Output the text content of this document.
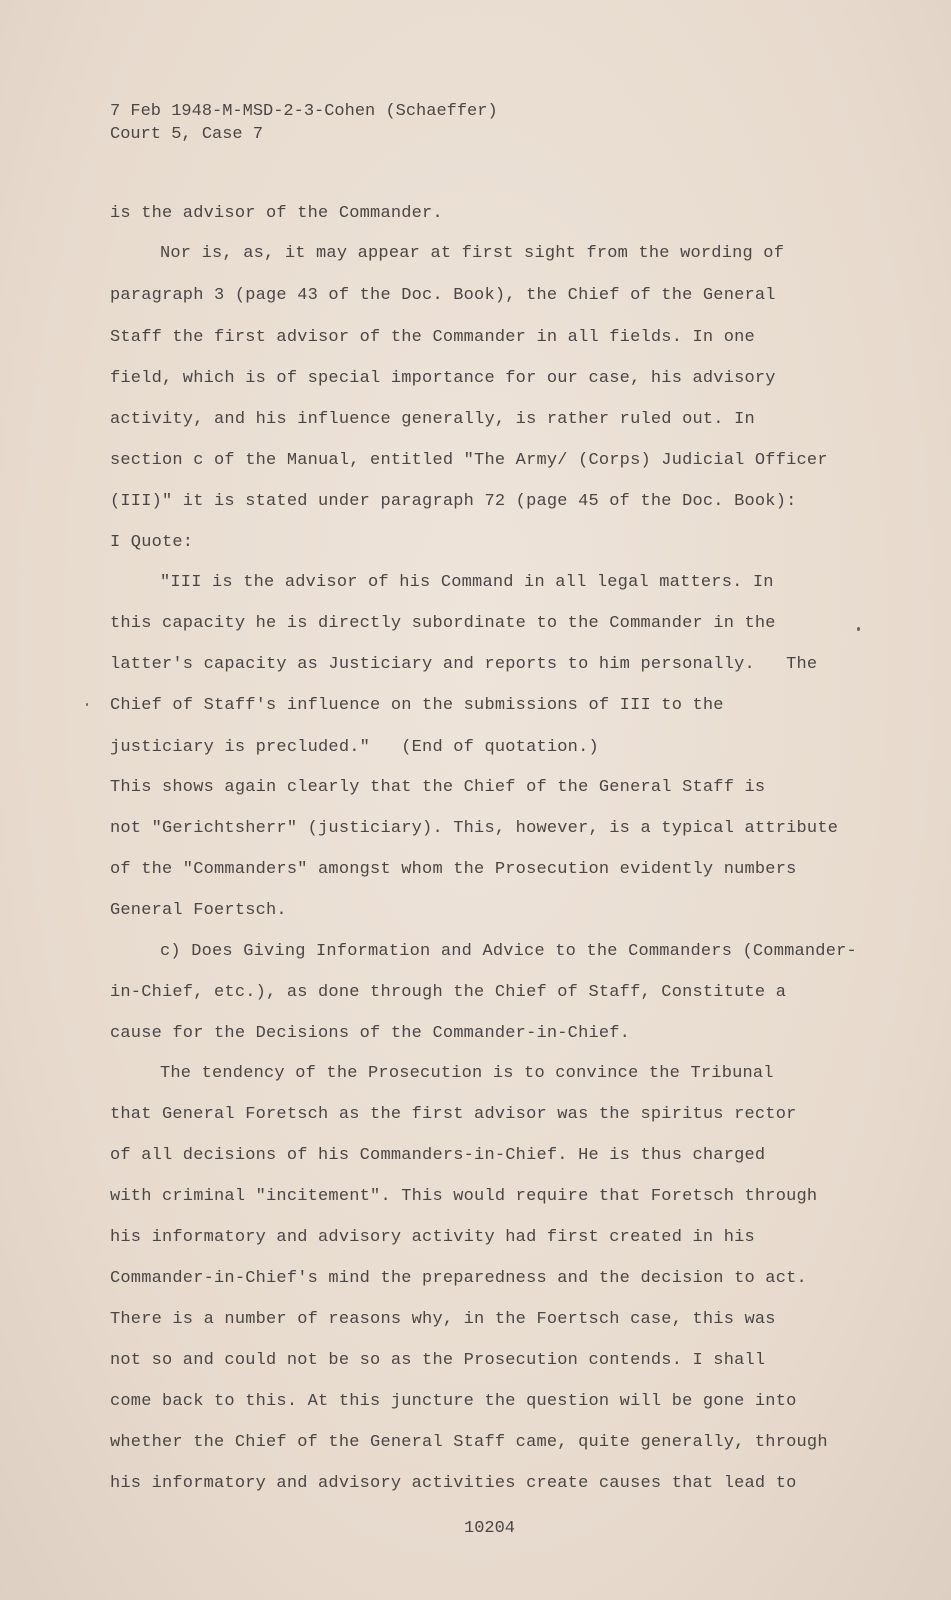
7 Feb 1948-M-MSD-2-3-Cohen (Schaeffer)
Court 5, Case 7
is the advisor of the Commander.
Nor is, as, it may appear at first sight from the wording of
paragraph 3 (page 43 of the Doc. Book), the Chief of the General
Staff the first advisor of the Commander in all fields. In one
field, which is of special importance for our case, his advisory
activity, and his influence generally, is rather ruled out. In
section c of the Manual, entitled "The Army/ (Corps) Judicial Officer
(III)" it is stated under paragraph 72 (page 45 of the Doc. Book):
I Quote:
"III is the advisor of his Command in all legal matters. In
this capacity he is directly subordinate to the Commander in the
latter's capacity as Justiciary and reports to him personally.   The
Chief of Staff's influence on the submissions of III to the
justiciary is precluded."   (End of quotation.)
This shows again clearly that the Chief of the General Staff is
not "Gerichtsherr" (justiciary). This, however, is a typical attribute
of the "Commanders" amongst whom the Prosecution evidently numbers
General Foertsch.
c) Does Giving Information and Advice to the Commanders (Commander-
in-Chief, etc.), as done through the Chief of Staff, Constitute a
cause for the Decisions of the Commander-in-Chief.
The tendency of the Prosecution is to convince the Tribunal
that General Foretsch as the first advisor was the spiritus rector
of all decisions of his Commanders-in-Chief. He is thus charged
with criminal "incitement". This would require that Foretsch through
his informatory and advisory activity had first created in his
Commander-in-Chief's mind the preparedness and the decision to act.
There is a number of reasons why, in the Foertsch case, this was
not so and could not be so as the Prosecution contends. I shall
come back to this. At this juncture the question will be gone into
whether the Chief of the General Staff came, quite generally, through
his informatory and advisory activities create causes that lead to
10204
